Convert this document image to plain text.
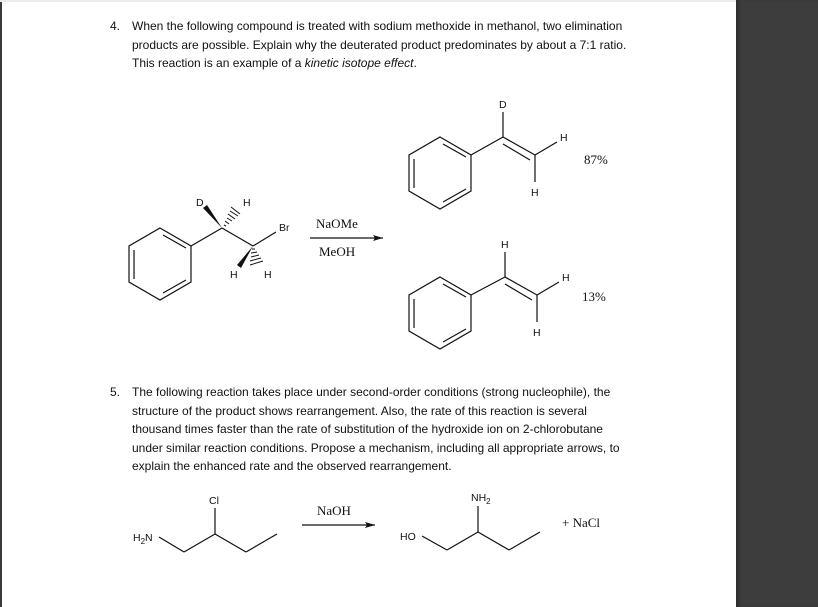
4. When the following compound is treated with sodium methoxide in methanol, two elimination
products are possible. Explain why the deuterated product predominates by about a 7:1 ratio.
This reaction is an example of a kinetic isotope effect.
5. The following reaction takes place under second-order conditions (strong nucleophile), the
structure of the product shows rearrangement. Also, the rate of this reaction is several
thousand times faster than the rate of substitution of the hydroxide ion on 2-chlorobutane
under similar reaction conditions. Propose a mechanism, including all appropriate arrows, to
explain the enhanced rate and the observed rearrangement.
D	H
Br
H	H
NaOMe
MeOH
D
H
H
87%
H
H
H
13%
Cl
$H_2N$
NaOH
$NH_2$
HO
+ NaCl
